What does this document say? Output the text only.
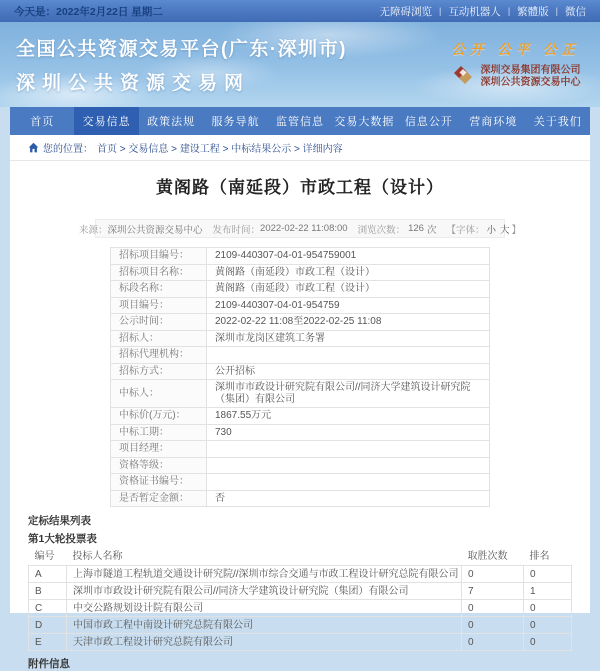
今天是：2022年2月22日 星期二	无障碍浏览 | 互动机器人 | 繁體版 | 微信
全国公共资源交易平台(广东·深圳市)
深圳公共资源交易网
公开 公平 公正
深圳交易集团有限公司
深圳公共资源交易中心
首页	交易信息	政策法规	服务导航	监管信息 交易大数据 信息公开	营商环境	关于我们
您的位置： 首页 > 交易信息 > 建设工程 > 中标结果公示 > 详细内容
黄阁路（南延段）市政工程（设计）
来源： 深圳公共资源交易中心 发布时间： 2022-02-22 11:08:00 浏览次数： 126 次 【字体： 小 大 】
招标项目编号：	2109-440307-04-01-954759001
招标项目名称：	黄阁路（南延段）市政工程（设计）
标段名称：	黄阁路（南延段）市政工程（设计）
项目编号：	2109-440307-04-01-954759
公示时间：	2022-02-22 11:08至2022-02-25 11:08
招标人：	深圳市龙岗区建筑工务署
招标代理机构：	
招标方式：	公开招标
中标人：	深圳市市政设计研究院有限公司//同济大学建筑设计研究院（集团）有限公司
中标价(万元)：	1867.55万元
中标工期：	730
项目经理：	
资格等级：	
资格证书编号：	
是否暂定金额：	否
定标结果列表
第1大轮投票表
编号	投标人名称	取胜次数	排名
A	上海市隧道工程轨道交通设计研究院//深圳市综合交通与市政工程设计研究总院有限公司	0	0
B	深圳市市政设计研究院有限公司//同济大学建筑设计研究院（集团）有限公司	7	1
C	中交公路规划设计院有限公司	0	0
D	中国市政工程中南设计研究总院有限公司	0	0
E	天津市政工程设计研究总院有限公司	0	0
附件信息
